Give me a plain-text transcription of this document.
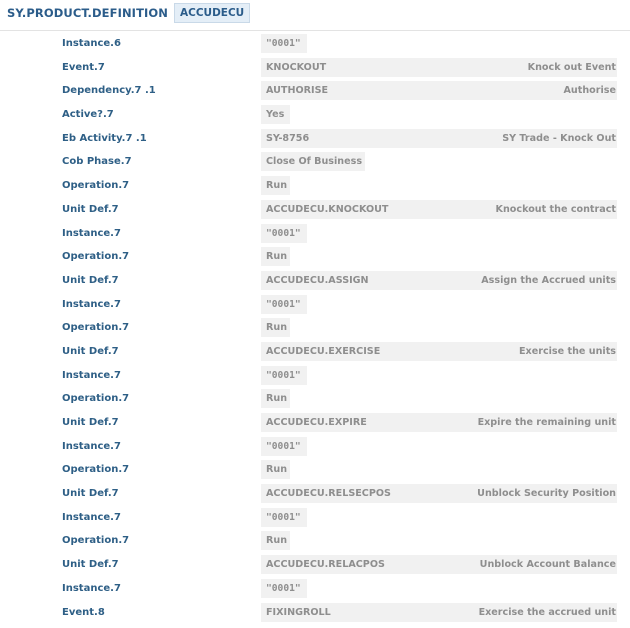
SY.PRODUCT.DEFINITION	ACCUDECU
Instance.6	"0001"
Event.7	KNOCKOUT	Knock out Event
Dependency.7 .1	AUTHORISE	Authorise
Active?.7	Yes
Eb Activity.7 .1	SY-8756	SY Trade - Knock Out
Cob Phase.7	Close Of Business
Operation.7	Run
Unit Def.7	ACCUDECU.KNOCKOUT	Knockout the contract
Instance.7	"0001"
Operation.7	Run
Unit Def.7	ACCUDECU.ASSIGN	Assign the Accrued units
Instance.7	"0001"
Operation.7	Run
Unit Def.7	ACCUDECU.EXERCISE	Exercise the units
Instance.7	"0001"
Operation.7	Run
Unit Def.7	ACCUDECU.EXPIRE	Expire the remaining unit
Instance.7	"0001"
Operation.7	Run
Unit Def.7	ACCUDECU.RELSECPOS	Unblock Security Position
Instance.7	"0001"
Operation.7	Run
Unit Def.7	ACCUDECU.RELACPOS	Unblock Account Balance
Instance.7	"0001"
Event.8	FIXINGROLL	Exercise the accrued unit
